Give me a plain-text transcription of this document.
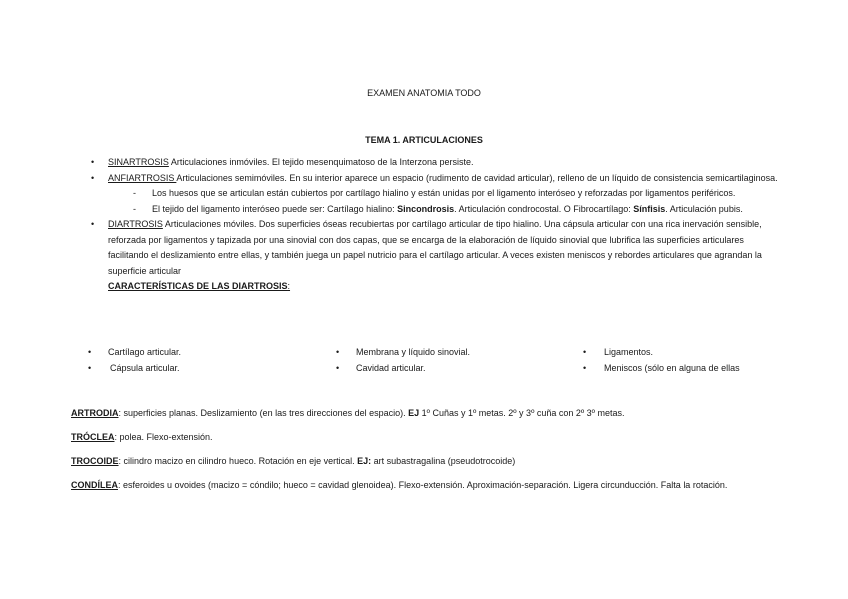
EXAMEN ANATOMIA TODO
TEMA 1. ARTICULACIONES
• SINARTROSIS Articulaciones inmóviles. El tejido mesenquimatoso de la Interzona persiste.
• ANFIARTROSIS Articulaciones semimóviles. En su interior aparece un espacio (rudimento de cavidad articular), relleno de un líquido de consistencia semicartilaginosa.
- Los huesos que se articulan están cubiertos por cartílago hialino y están unidas por el ligamento interóseo y reforzadas por ligamentos periféricos.
- El tejido del ligamento interóseo puede ser: Cartílago hialino: Sincondrosis. Articulación condrocostal. O Fibrocartílago: Sínfisis. Articulación pubis.
• DIARTROSIS Articulaciones móviles. Dos superficies óseas recubiertas por cartílago articular de tipo hialino. Una cápsula articular con una rica inervación sensible, reforzada por ligamentos y tapizada por una sinovial con dos capas, que se encarga de la elaboración de líquido sinovial que lubrifica las superficies articulares facilitando el deslizamiento entre ellas, y también juega un papel nutricio para el cartílago articular. A veces existen meniscos y rebordes articulares que agrandan la superficie articular
CARACTERÍSTICAS DE LAS DIARTROSIS:
• Cartílago articular.	• Membrana y líquido sinovial.	• Ligamentos.
• Cápsula articular.	• Cavidad articular.	• Meniscos (sólo en alguna de ellas
ARTRODIA: superficies planas. Deslizamiento (en las tres direcciones del espacio). EJ 1º Cuñas y 1º metas. 2º y 3º cuña con 2º 3º metas.
TRÓCLEA: polea. Flexo-extensión.
TROCOIDE: cilindro macizo en cilindro hueco. Rotación en eje vertical. EJ: art subastragalina (pseudotrocoide)
CONDÍLEA: esferoides u ovoides (macizo = cóndilo; hueco = cavidad glenoidea). Flexo-extensión. Aproximación-separación. Ligera circunducción. Falta la rotación.
